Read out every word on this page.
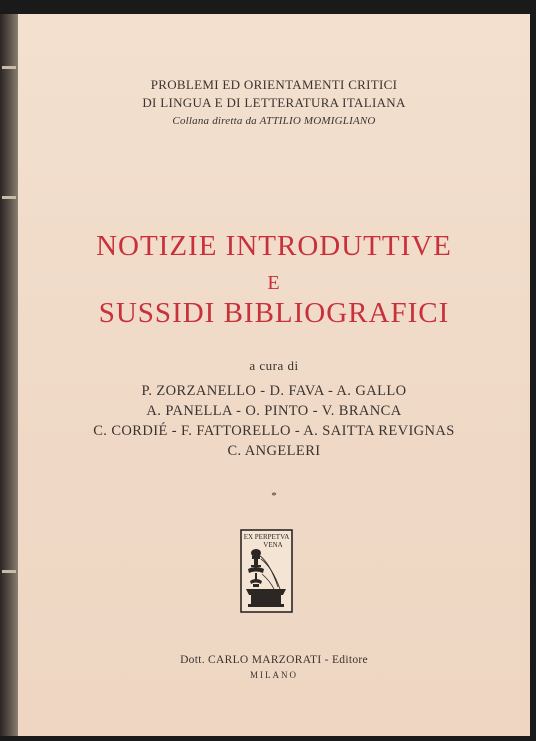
PROBLEMI ED ORIENTAMENTI CRITICI
DI LINGUA E DI LETTERATURA ITALIANA
Collana diretta da ATTILIO MOMIGLIANO
NOTIZIE INTRODUTTIVE
E
SUSSIDI BIBLIOGRAFICI
a cura di
P. ZORZANELLO - D. FAVA - A. GALLO
A. PANELLA - O. PINTO - V. BRANCA
C. CORDIÉ - F. FATTORELLO - A. SAITTA REVIGNAS
C. ANGELERI
*
EX PERPETVA
VENA
Dott. CARLO MARZORATI - Editore
MILANO
